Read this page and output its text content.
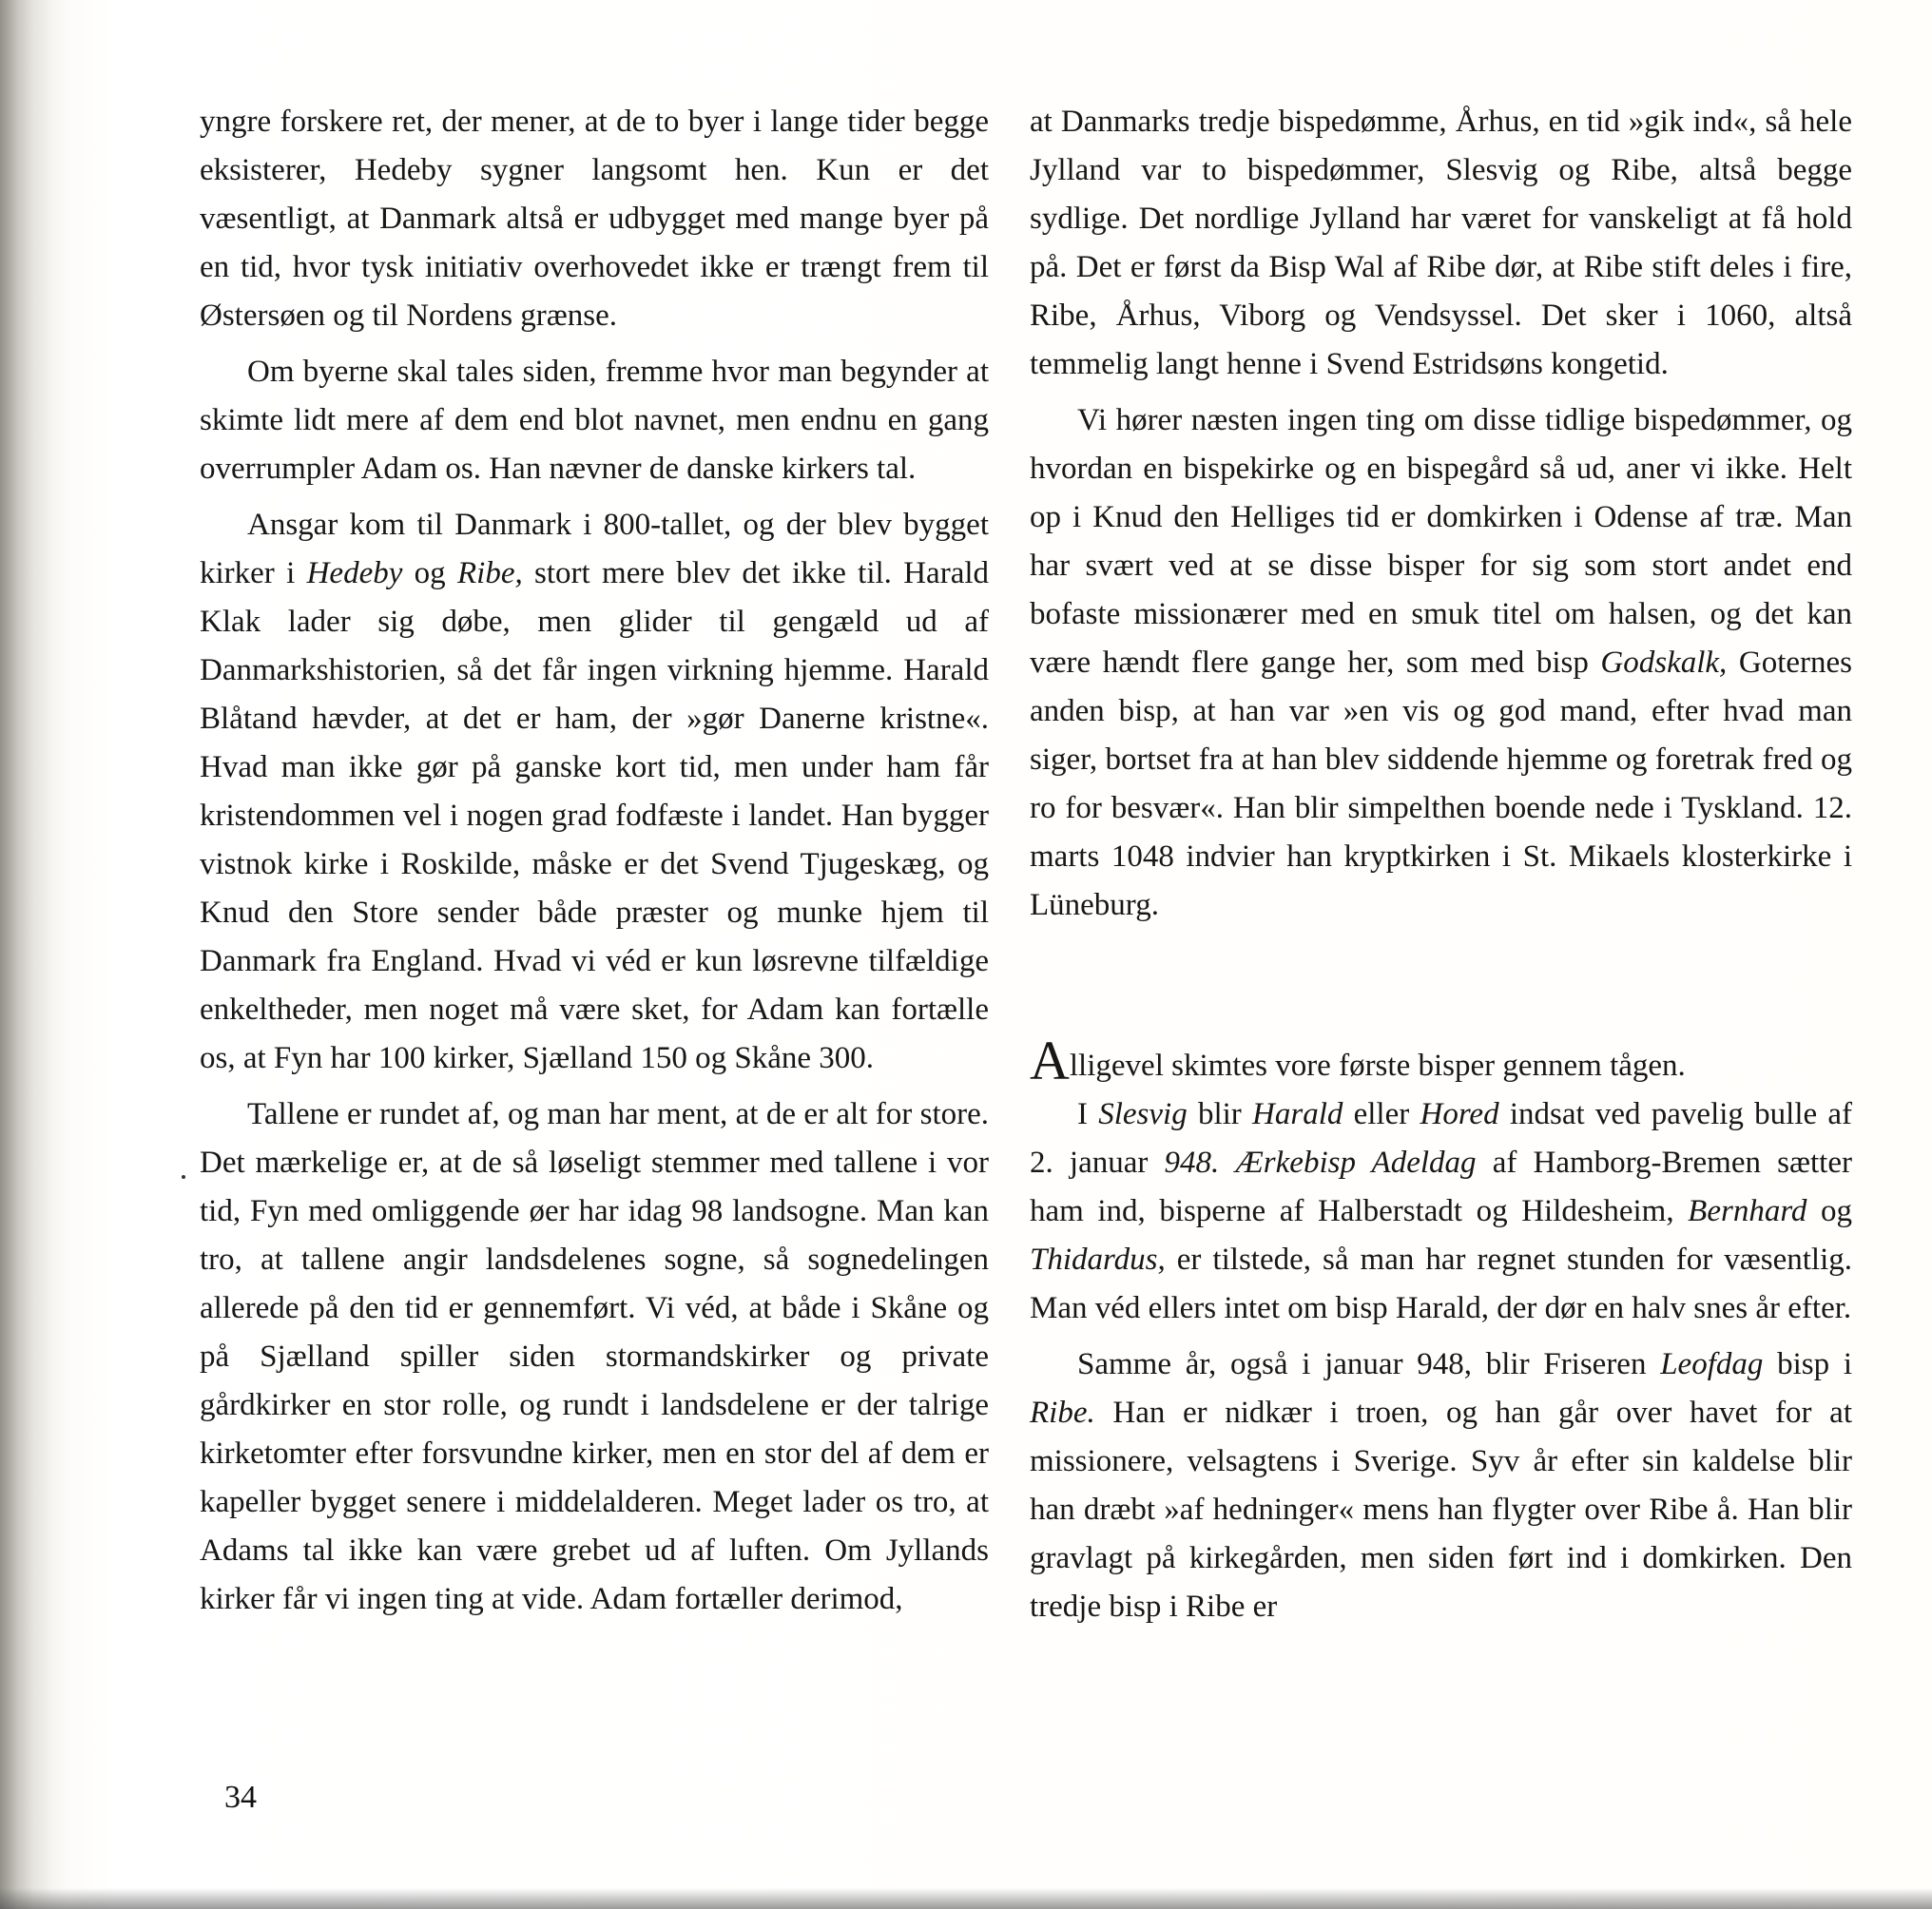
yngre forskere ret, der mener, at de to byer i lange tider begge eksisterer, Hedeby sygner langsomt hen. Kun er det væsentligt, at Danmark altså er udbygget med mange byer på en tid, hvor tysk initiativ overhovedet ikke er trængt frem til Østersøen og til Nordens grænse.

Om byerne skal tales siden, fremme hvor man begynder at skimte lidt mere af dem end blot navnet, men endnu en gang overrumpler Adam os. Han nævner de danske kirkers tal.

Ansgar kom til Danmark i 800-tallet, og der blev bygget kirker i Hedeby og Ribe, stort mere blev det ikke til. Harald Klak lader sig døbe, men glider til gengæld ud af Danmarkshistorien, så det får ingen virkning hjemme. Harald Blåtand hævder, at det er ham, der »gør Danerne kristne«. Hvad man ikke gør på ganske kort tid, men under ham får kristendommen vel i nogen grad fodfæste i landet. Han bygger vistnok kirke i Roskilde, måske er det Svend Tjugeskæg, og Knud den Store sender både præster og munke hjem til Danmark fra England. Hvad vi véd er kun løsrevne tilfældige enkeltheder, men noget må være sket, for Adam kan fortælle os, at Fyn har 100 kirker, Sjælland 150 og Skåne 300.

Tallene er rundet af, og man har ment, at de er alt for store. Det mærkelige er, at de så løseligt stemmer med tallene i vor tid, Fyn med omliggende øer har idag 98 landsogne. Man kan tro, at tallene angir landsdelenes sogne, så sognedelingen allerede på den tid er gennemført. Vi véd, at både i Skåne og på Sjælland spiller siden stormandskirker og private gårdkirker en stor rolle, og rundt i landsdelene er der talrige kirketomter efter forsvundne kirker, men en stor del af dem er kapeller bygget senere i middelalderen. Meget lader os tro, at Adams tal ikke kan være grebet ud af luften. Om Jyllands kirker får vi ingen ting at vide. Adam fortæller derimod,

at Danmarks tredje bispedømme, Århus, en tid »gik ind«, så hele Jylland var to bispedømmer, Slesvig og Ribe, altså begge sydlige. Det nordlige Jylland har været for vanskeligt at få hold på. Det er først da Bisp Wal af Ribe dør, at Ribe stift deles i fire, Ribe, Århus, Viborg og Vendsyssel. Det sker i 1060, altså temmelig langt henne i Svend Estridsøns kongetid.

Vi hører næsten ingen ting om disse tidlige bispedømmer, og hvordan en bispekirke og en bispegård så ud, aner vi ikke. Helt op i Knud den Helliges tid er domkirken i Odense af træ. Man har svært ved at se disse bisper for sig som stort andet end bofaste missionærer med en smuk titel om halsen, og det kan være hændt flere gange her, som med bisp Godskalk, Goternes anden bisp, at han var »en vis og god mand, efter hvad man siger, bortset fra at han blev siddende hjemme og foretrak fred og ro for besvær«. Han blir simpelthen boende nede i Tyskland. 12. marts 1048 indvier han kryptkirken i St. Mikaels klosterkirke i Lüneburg.

Alligevel skimtes vore første bisper gennem tågen.

I Slesvig blir Harald eller Hored indsat ved pavelig bulle af 2. januar 948. Ærkebisp Adeldag af Hamborg-Bremen sætter ham ind, bisperne af Halberstadt og Hildesheim, Bernhard og Thidardus, er tilstede, så man har regnet stunden for væsentlig. Man véd ellers intet om bisp Harald, der dør en halv snes år efter.

Samme år, også i januar 948, blir Friseren Leofdag bisp i Ribe. Han er nidkær i troen, og han går over havet for at missionere, velsagtens i Sverige. Syv år efter sin kaldelse blir han dræbt »af hedninger« mens han flygter over Ribe å. Han blir gravlagt på kirkegården, men siden ført ind i domkirken. Den tredje bisp i Ribe er

34
